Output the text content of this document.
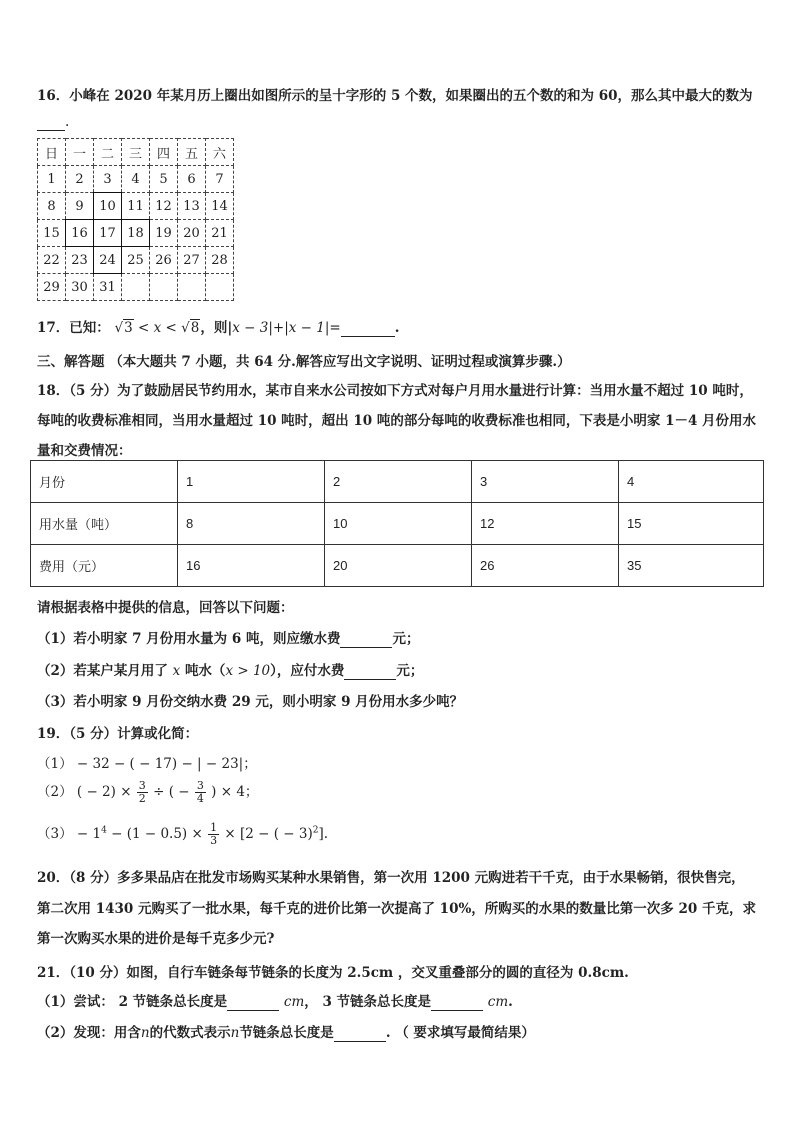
16．小峰在 2020 年某月历上圈出如图所示的呈十字形的 5 个数，如果圈出的五个数的和为 60，那么其中最大的数为
.
日	一	二	三	四	五	六
1	2	3	4	5	6	7
8	9	10	11	12	13	14
15	16	17	18	19	20	21
22	23	24	25	26	27	28
29	30	31				
17．已知： √3 < x < √8，则|x − 3|+|x − 1|=	.
三、解答题 （本大题共 7 小题，共 64 分.解答应写出文字说明、证明过程或演算步骤.）
18．（5 分）为了鼓励居民节约用水，某市自来水公司按如下方式对每户月用水量进行计算：当用水量不超过 10 吨时，
每吨的收费标准相同，当用水量超过 10 吨时，超出 10 吨的部分每吨的收费标准也相同，下表是小明家 1－4 月份用水
量和交费情况：
月份	1	2	3	4
用水量（吨）	8	10	12	15
费用（元）	16	20	26	35
请根据表格中提供的信息，回答以下问题：
（1）若小明家 7 月份用水量为 6 吨，则应缴水费	元；
（2）若某户某月用了 x 吨水（x > 10），应付水费	元；
（3）若小明家 9 月份交纳水费 29 元，则小明家 9 月份用水多少吨？
19．（5 分）计算或化简：
（1） − 32 − ( − 17) − | − 23|；
（2） ( − $2) \times \frac{3}{2}$ ÷ ( − $\frac{3}{4}$ ) × 4；
$(3) - 1^4 - (1 - 0.5) \times \frac{1}{3} \times [2$ − ( − 3)$^2$].
20．（8 分）多多果品店在批发市场购买某种水果销售，第一次用 1200 元购进若干千克，由于水果畅销，很快售完，
第二次用 1430 元购买了一批水果，每千克的进价比第一次提高了 10%，所购买的水果的数量比第一次多 20 千克，求
第一次购买水果的进价是每千克多少元?
21．（10 分）如图，自行车链条每节链条的长度为 2.5cm ，交叉重叠部分的圆的直径为 0.8cm.
（1）尝试： 2 节链条总长度是	cm， 3 节链条总长度是	cm.
（2）发现：用含n的代数式表示n节链条总长度是	. （ 要求填写最简结果）
